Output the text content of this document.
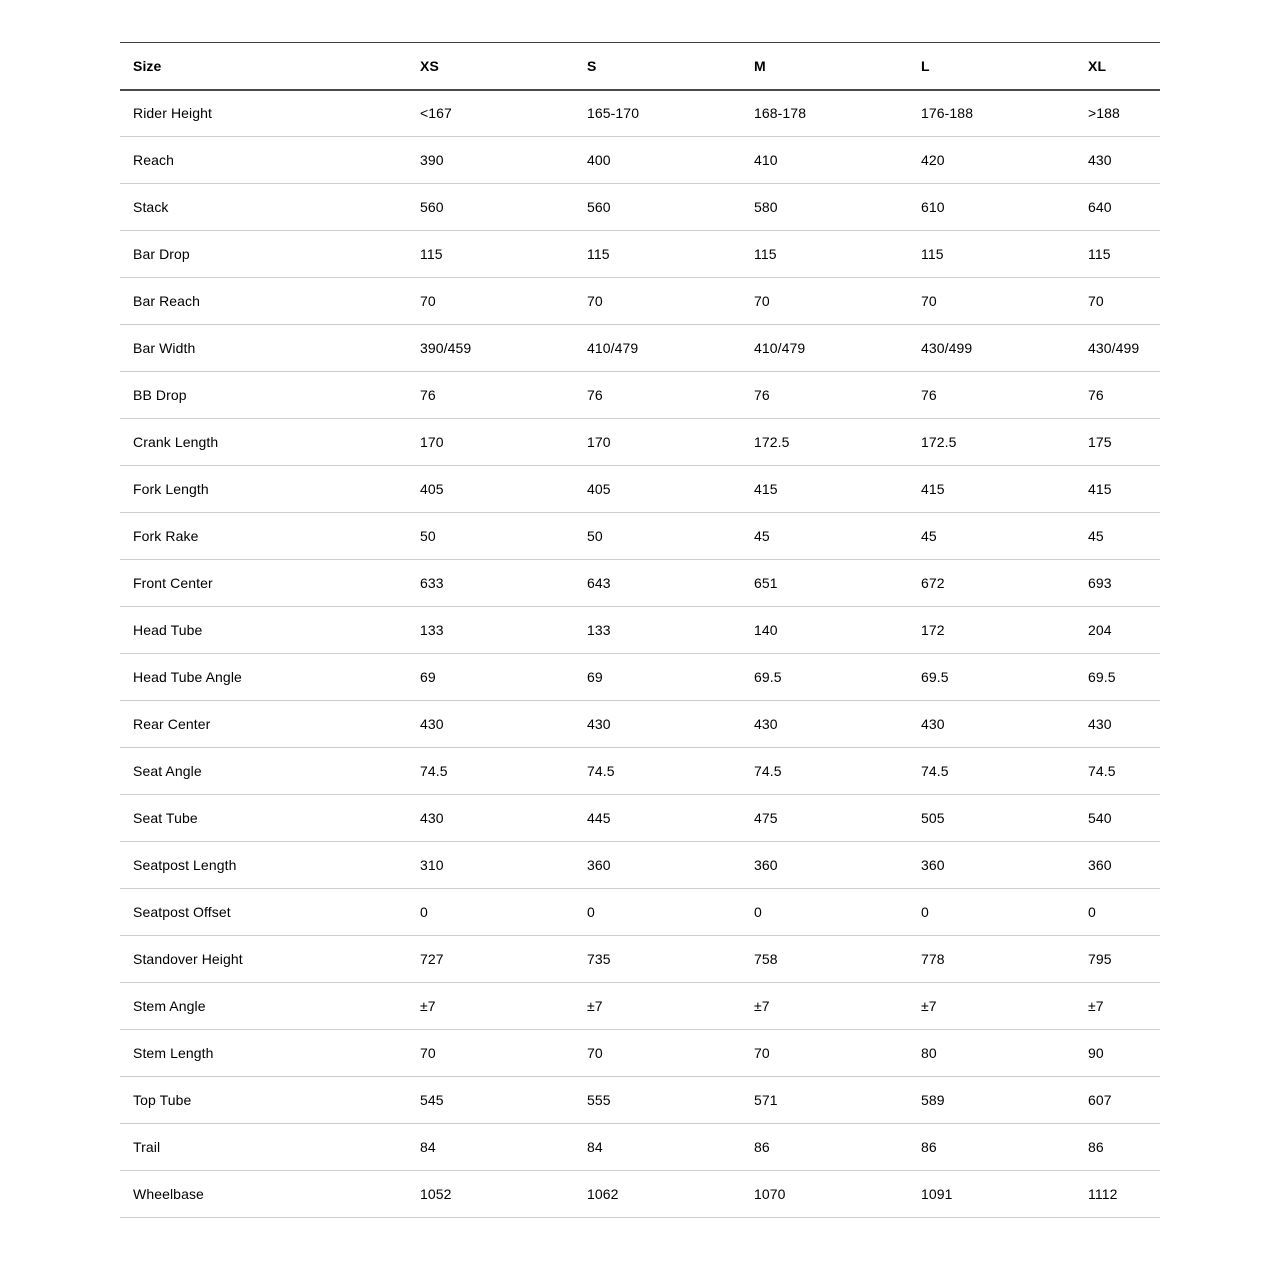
Size	XS	S	M	L	XL
Rider Height	<167	165-170	168-178	176-188	>188
Reach	390	400	410	420	430
Stack	560	560	580	610	640
Bar Drop	115	115	115	115	115
Bar Reach	70	70	70	70	70
Bar Width	390/459	410/479	410/479	430/499	430/499
BB Drop	76	76	76	76	76
Crank Length	170	170	172.5	172.5	175
Fork Length	405	405	415	415	415
Fork Rake	50	50	45	45	45
Front Center	633	643	651	672	693
Head Tube	133	133	140	172	204
Head Tube Angle	69	69	69.5	69.5	69.5
Rear Center	430	430	430	430	430
Seat Angle	74.5	74.5	74.5	74.5	74.5
Seat Tube	430	445	475	505	540
Seatpost Length	310	360	360	360	360
Seatpost Offset	0	0	0	0	0
Standover Height	727	735	758	778	795
Stem Angle	±7	±7	±7	±7	±7
Stem Length	70	70	70	80	90
Top Tube	545	555	571	589	607
Trail	84	84	86	86	86
Wheelbase	1052	1062	1070	1091	1112
